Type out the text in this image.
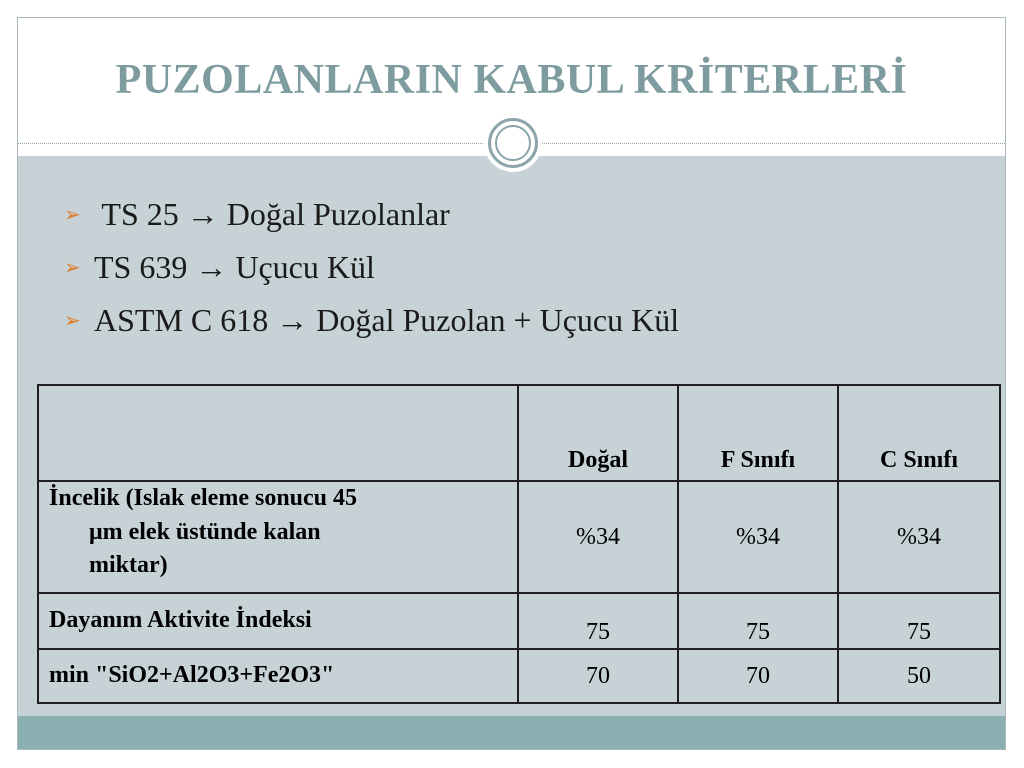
PUZOLANLARIN KABUL KRİTERLERİ
➢ TS 25 → Doğal Puzolanlar
➢ TS 639 → Uçucu Kül
➢ ASTM C 618 → Doğal Puzolan + Uçucu Kül
	Doğal	F Sınıfı	C Sınıfı
İncelik (Islak eleme sonucu 45
μm elek üstünde kalan
miktar)	%34	%34	%34
Dayanım Aktivite İndeksi	75	75	75
min "SiO2+Al2O3+Fe2O3"	70	70	50
